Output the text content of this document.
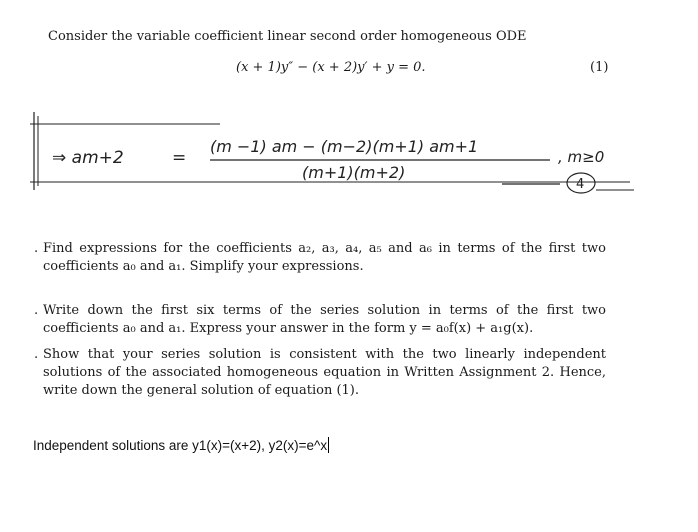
Consider the variable coefficient linear second order homogeneous ODE
(x + 1)y″ − (x + 2)y′ + y = 0.	(1)
⇒ am+2	=
(m −1) am − (m−2)(m+1) am+1
(m+1)(m+2)
, m≥0
4
. Find expressions for the coefficients a₂, a₃, a₄, a₅ and a₆ in terms of the first two coefficients a₀ and a₁. Simplify your expressions.
. Write down the first six terms of the series solution in terms of the first two coefficients a₀ and a₁. Express your answer in the form y = a₀f(x) + a₁g(x).
. Show that your series solution is consistent with the two linearly independent solutions of the associated homogeneous equation in Written Assignment 2. Hence, write down the general solution of equation (1).
Independent solutions are y1(x)=(x+2), y2(x)=e^x
